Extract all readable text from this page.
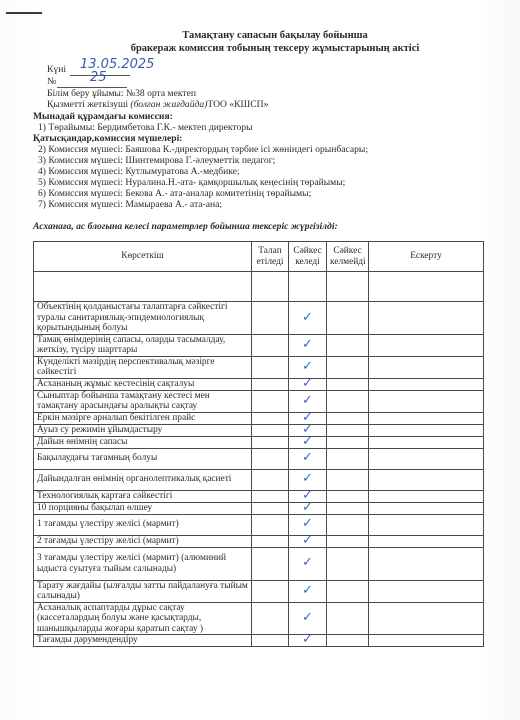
Тамақтану сапасын бақылау бойынша
бракераж комиссия тобының тексеру жұмыстарының актісі
Күні 13.05.2025
№	25
Білім беру ұйымы: №38 орта мектеп
Қызметті жеткізуші (болған жағдайда)ТОО «КШСП»
Мынадай құрамдағы комиссия:
1) Төрайымы: Бердимбетова Г.К.- мектеп директоры
Қатысқандар,комиссия мүшелері:
2) Комиссия мүшесі: Баяшова К.-директордың тәрбие ісі жөніндегі орынбасары;
3) Комиссия мүшесі: Шинтемирова Г.-әлеуметтік педагог;
4) Комиссия мүшесі: Кутлымуратова А.-медбике;
5) Комиссия мүшесі: Нуралина.Н.-ата- қамқоршылық кеңесінің төрайымы;
6) Комиссия мүшесі: Бекова А.- ата-аналар комитетінің төрайымы;
7) Комиссия мүшесі: Мамыраева А.- ата-ана;
Асханаға, ас блогына келесі параметрлер бойынша тексеріс жүргізілді:
Көрсеткіш	Талап етіледі	Сәйкес келеді	Сәйкес келмейді	Ескерту

Объектінің қолданыстағы талаптарға сәйкестігі туралы санитариялық-эпидемиологиялық қорытындының болуы		✓		
Тамақ өнімдерінің сапасы, оларды тасымалдау, жеткізу, түсіру шарттары		✓		
Күнделікті мәзірдің перспективалық мәзірге сәйкестігі		✓		
Асхананың жұмыс кестесінің сақталуы		✓		
Сыныптар бойынша тамақтану кестесі мен тамақтану арасындағы аралықты сақтау		✓		
Еркін мәзірге арналып бекітілген прайс		✓		
Ауыз су режимін ұйымдастыру		✓		
Дайын өнімнің сапасы		✓		
Бақылаудағы тағамның болуы		✓		
Дайындалған өнімнің органолептикалық қасиеті		✓		
Технологиялық картаға сәйкестігі		✓		
10 порцияны бақылап өлшеу		✓		
1 тағамды үлестіру желісі (мармит)		✓		
2 тағамды үлестіру желісі (мармит)		✓		
3 тағамды үлестіру желісі (мармит) (алюминий ыдыста суытуға тыйым салынады)		✓		
Тарату жағдайы (ылғалды затты пайдалануға тыйым салынады)		✓		
Асханалық аспаптарды дұрыс сақтау (кассеталардың болуы және қасықтарды, шанышқыларды жоғары қаратып сақтау )		✓		
Тағамды дәрумендендіру		✓		
